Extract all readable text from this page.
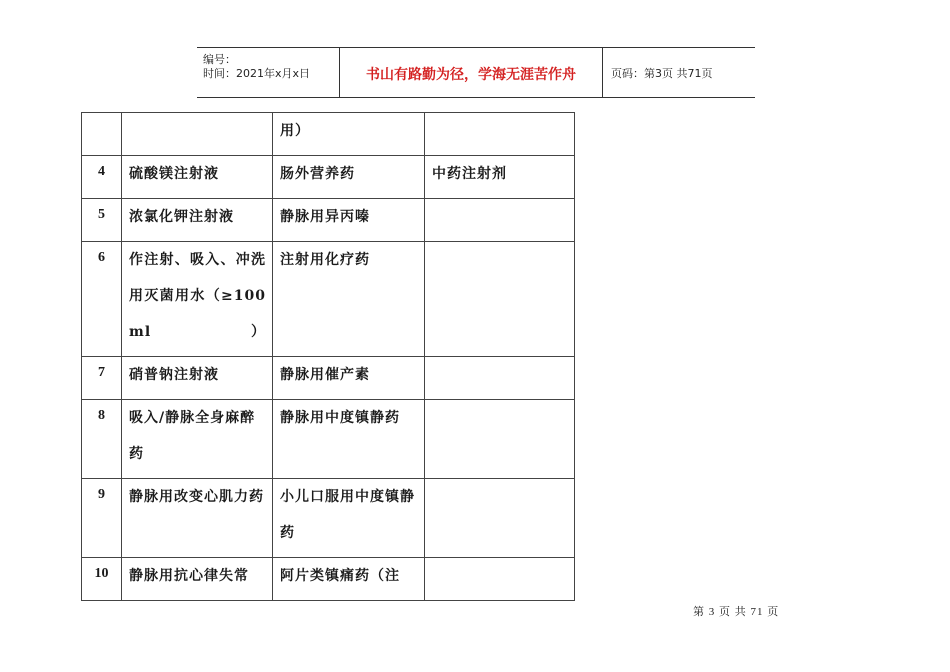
编号：
时间：2021年x月x日	书山有路勤为径，学海无涯苦作舟	页码：第3页 共71页

		用）	

4	硫酸镁注射液	肠外营养药	中药注射剂

5	浓氯化钾注射液	静脉用异丙嗪	

6	作注射、吸入、冲洗用灭菌用水（≥100 ml）	注射用化疗药	

7	硝普钠注射液	静脉用催产素	

8	吸入/静脉全身麻醉药	静脉用中度镇静药	

9	静脉用改变心肌力药	小儿口服用中度镇静药	

10	静脉用抗心律失常	阿片类镇痛药（注	

第 3 页 共 71 页
